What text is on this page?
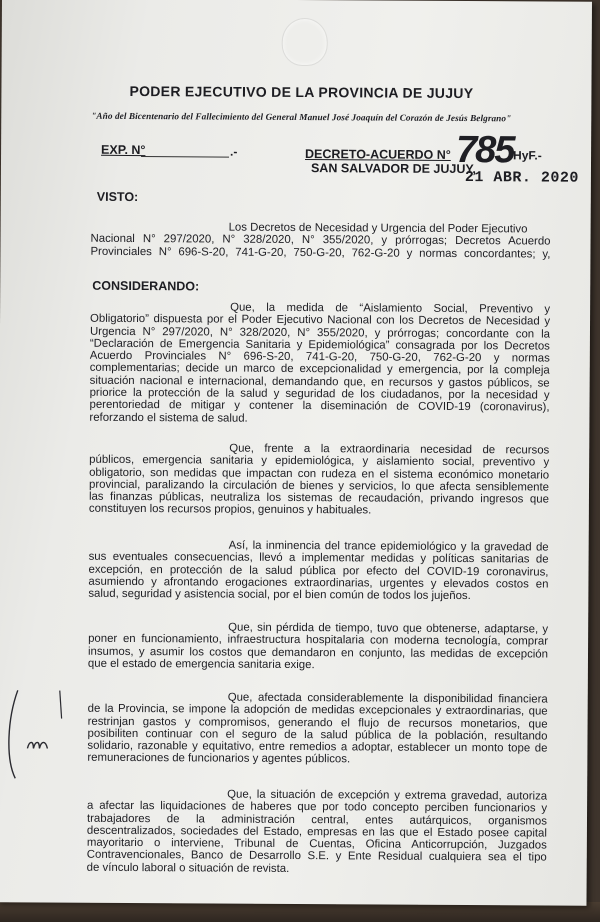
PODER EJECUTIVO DE LA PROVINCIA DE JUJUY
"Año del Bicentenario del Fallecimiento del General Manuel José Joaquín del Corazón de Jesús Belgrano"
EXP. N°	.-	DECRETO-ACUERDO N° 785 HyF.-
SAN SALVADOR DE JUJUY,
21 ABR. 2020
VISTO:
Los Decretos de Necesidad y Urgencia del Poder Ejecutivo
Nacional N° 297/2020, N° 328/2020, N° 355/2020, y prórrogas; Decretos Acuerdo
Provinciales N° 696-S-20, 741-G-20, 750-G-20, 762-G-20 y normas concordantes; y,
CONSIDERANDO:
Que, la medida de “Aislamiento Social, Preventivo y
Obligatorio” dispuesta por el Poder Ejecutivo Nacional con los Decretos de Necesidad y
Urgencia N° 297/2020, N° 328/2020, N° 355/2020, y prórrogas; concordante con la
“Declaración de Emergencia Sanitaria y Epidemiológica” consagrada por los Decretos
Acuerdo Provinciales N° 696-S-20, 741-G-20, 750-G-20, 762-G-20 y normas
complementarias; decide un marco de excepcionalidad y emergencia, por la compleja
situación nacional e internacional, demandando que, en recursos y gastos públicos, se
priorice la protección de la salud y seguridad de los ciudadanos, por la necesidad y
perentoriedad de mitigar y contener la diseminación de COVID-19 (coronavirus),
reforzando el sistema de salud.
Que, frente a la extraordinaria necesidad de recursos
públicos, emergencia sanitaria y epidemiológica, y aislamiento social, preventivo y
obligatorio, son medidas que impactan con rudeza en el sistema económico monetario
provincial, paralizando la circulación de bienes y servicios, lo que afecta sensiblemente
las finanzas públicas, neutraliza los sistemas de recaudación, privando ingresos que
constituyen los recursos propios, genuinos y habituales.
Así, la inminencia del trance epidemiológico y la gravedad de
sus eventuales consecuencias, llevó a implementar medidas y políticas sanitarias de
excepción, en protección de la salud pública por efecto del COVID-19 coronavirus,
asumiendo y afrontando erogaciones extraordinarias, urgentes y elevados costos en
salud, seguridad y asistencia social, por el bien común de todos los jujeños.
Que, sin pérdida de tiempo, tuvo que obtenerse, adaptarse, y
poner en funcionamiento, infraestructura hospitalaria con moderna tecnología, comprar
insumos, y asumir los costos que demandaron en conjunto, las medidas de excepción
que el estado de emergencia sanitaria exige.
Que, afectada considerablemente la disponibilidad financiera
de la Provincia, se impone la adopción de medidas excepcionales y extraordinarias, que
restrinjan gastos y compromisos, generando el flujo de recursos monetarios, que
posibiliten continuar con el seguro de la salud pública de la población, resultando
solidario, razonable y equitativo, entre remedios a adoptar, establecer un monto tope de
remuneraciones de funcionarios y agentes públicos.
Que, la situación de excepción y extrema gravedad, autoriza
a afectar las liquidaciones de haberes que por todo concepto perciben funcionarios y
trabajadores de la administración central, entes autárquicos, organismos
descentralizados, sociedades del Estado, empresas en las que el Estado posee capital
mayoritario o interviene, Tribunal de Cuentas, Oficina Anticorrupción, Juzgados
Contravencionales, Banco de Desarrollo S.E. y Ente Residual cualquiera sea el tipo
de vínculo laboral o situación de revista.
